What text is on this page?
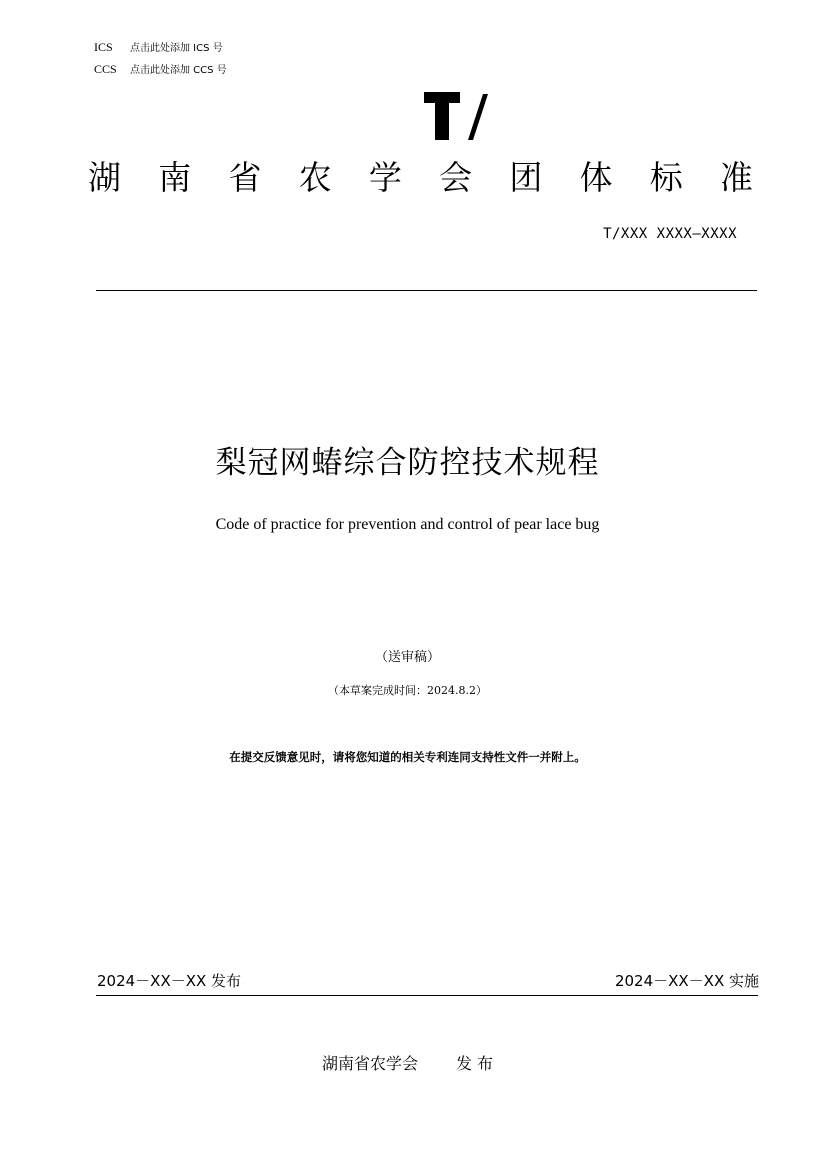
ICS 点击此处添加 ICS 号
CCS 点击此处添加 CCS 号
湖 南 省 农 学 会 团 体 标 准
T/XXX XXXX—XXXX
梨冠网蝽综合防控技术规程
Code of practice for prevention and control of pear lace bug
（送审稿）
（本草案完成时间：2024.8.2）
在提交反馈意见时，请将您知道的相关专利连同支持性文件一并附上。
2024－XX－XX 发布	2024－XX－XX 实施
湖南省农学会 发 布
